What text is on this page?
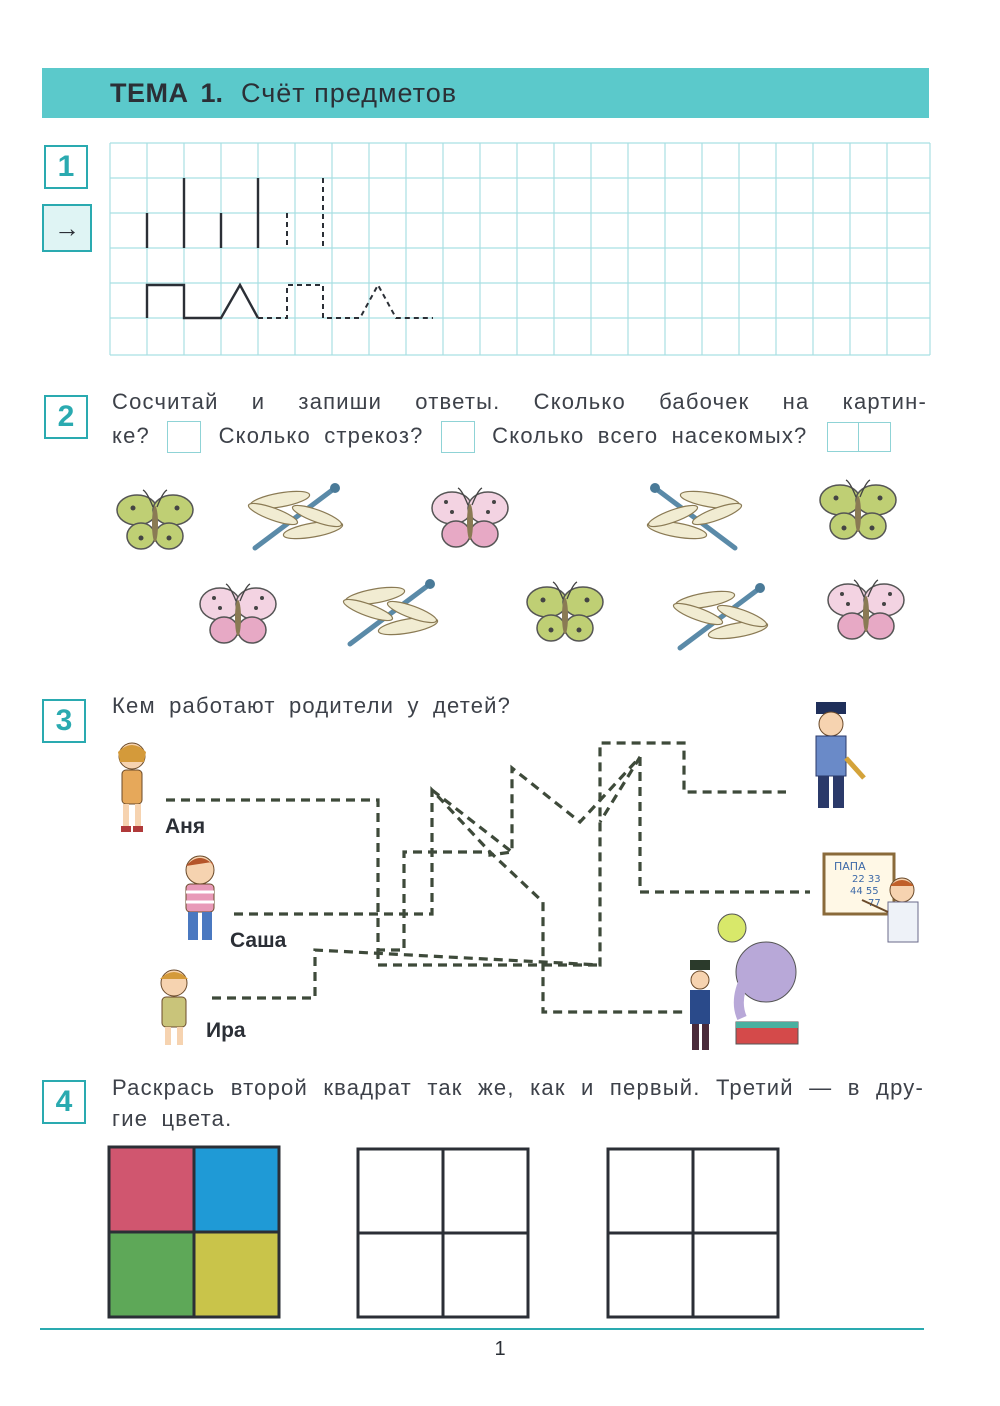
ТЕМА 1. Счёт предметов
1
→
2	Сосчитай и запиши ответы. Сколько бабочек на картин-
ке?	Сколько стрекоз?	Сколько всего насекомых?
3	Кем работают родители у детей?
Аня
Саша
Ира
ПАПА
22 33
44 55
77
4	Раскрась второй квадрат так же, как и первый. Третий — в дру-
гие цвета.
1
